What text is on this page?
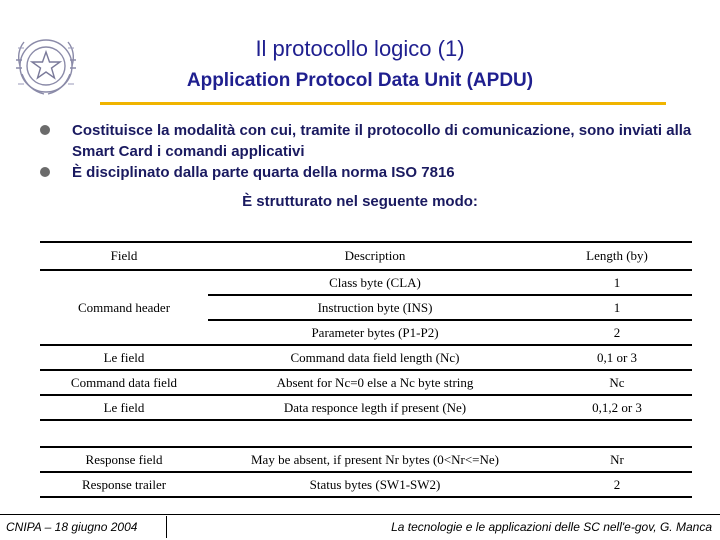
Il protocollo logico (1)
Application Protocol Data Unit (APDU)
Costituisce la modalità con cui, tramite il protocollo di comunicazione, sono inviati alla Smart Card i comandi applicativi
È disciplinato dalla parte quarta della norma ISO 7816
È strutturato nel seguente modo:
Field	Description	Length (by)
Command header	Class byte (CLA)	1
	Instruction byte (INS)	1
	Parameter bytes (P1-P2)	2
Le field	Command data field length (Nc)	0,1 or 3
Command data field	Absent for Nc=0 else a Nc byte string	Nc
Le field	Data responce legth if present (Ne)	0,1,2 or 3
Response field	May be absent, if present Nr bytes (0<Nr<=Ne)	Nr
Response trailer	Status bytes (SW1-SW2)	2
CNIPA – 18 giugno 2004	La tecnologie e le applicazioni delle SC nell'e-gov, G. Manca
